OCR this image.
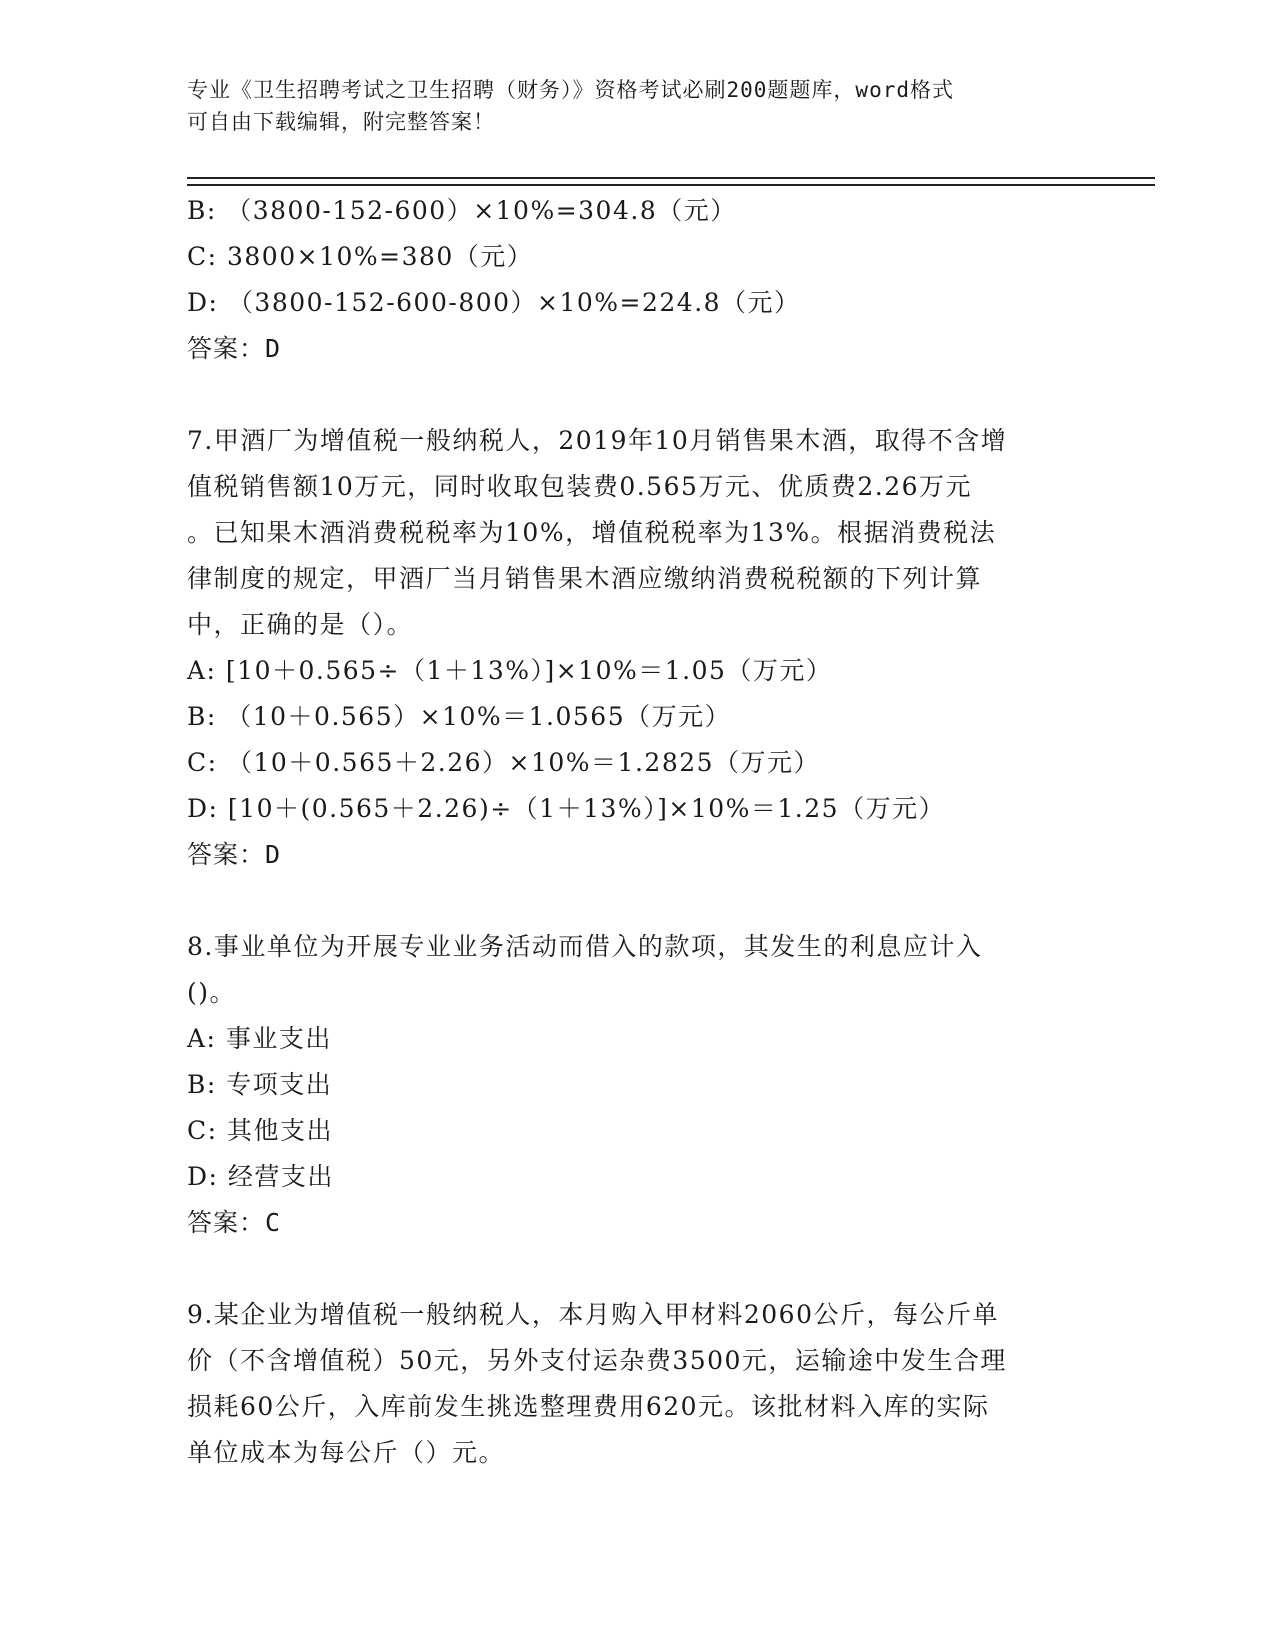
专业《卫生招聘考试之卫生招聘（财务）》资格考试必刷200题题库，word格式
可自由下载编辑，附完整答案！
B: （3800-152-600）×10%=304.8（元）
C: 3800×10%=380（元）
D: （3800-152-600-800）×10%=224.8（元）
答案：D
7.甲酒厂为增值税一般纳税人，2019年10月销售果木酒，取得不含增
值税销售额10万元，同时收取包装费0.565万元、优质费2.26万元
。已知果木酒消费税税率为10%，增值税税率为13%。根据消费税法
律制度的规定，甲酒厂当月销售果木酒应缴纳消费税税额的下列计算
中，正确的是（）。
A: [10＋0.565÷（1＋13%）]×10%＝1.05（万元）
B: （10＋0.565）×10%＝1.0565（万元）
C: （10＋0.565＋2.26）×10%＝1.2825（万元）
D: [10＋(0.565＋2.26)÷（1＋13%）]×10%＝1.25（万元）
答案：D
8.事业单位为开展专业业务活动而借入的款项，其发生的利息应计入
()。
A: 事业支出
B: 专项支出
C: 其他支出
D: 经营支出
答案：C
9.某企业为增值税一般纳税人，本月购入甲材料2060公斤，每公斤单
价（不含增值税）50元，另外支付运杂费3500元，运输途中发生合理
损耗60公斤，入库前发生挑选整理费用620元。该批材料入库的实际
单位成本为每公斤（）元。
